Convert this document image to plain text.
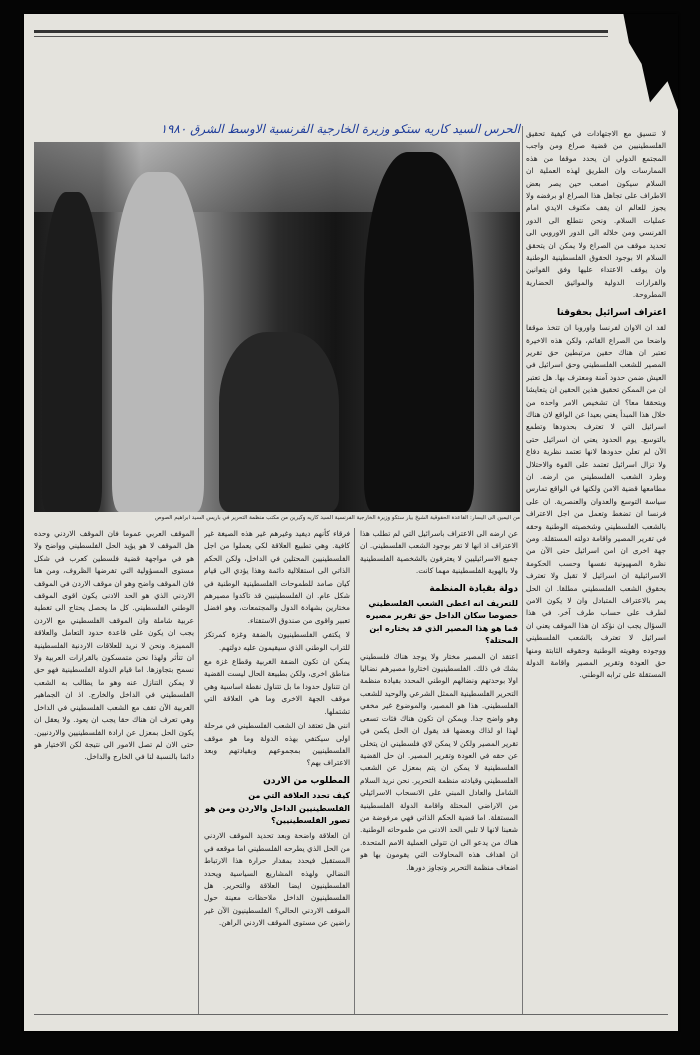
لا تنسيق مع الاجتهادات في كيفية تحقيق الفلسطينيين من قضية صراع ومن واجب المجتمع الدولي ان يحدد موقفا من هذه الممارسات وان الطريق لهذه العملية ان السلام سيكون اصعب حين يصر بعض الاطراف على تجاهل هذا الصراع او برفضه ولا يجوز للعالم ان يقف مكتوف الايدي امام عمليات السلام. ونحن نتطلع الى الدور الفرنسي ومن خلاله الى الدور الاوروبي الى تحديد موقف من الصراع ولا يمكن ان يتحقق السلام الا بوجود الحقوق الفلسطينية الوطنية وان يوقف الاعتداء عليها وفق القوانين والقرارات الدولية والمواثيق الحضارية المطروحة.

اعتراف اسرائيل بحقوقنا

لقد ان الاوان لفرنسا واوروبا ان تتخذ موقفا واضحا من الصراع القائم، ولكن هذه الاخيرة تعتبر ان هناك حقين مرتبطين حق تقرير المصير للشعب الفلسطيني وحق اسرائيل في العيش ضمن حدود آمنة ومعترف بها. هل تعتبر ان من الممكن تحقيق هذين الحقين ان يتعايشا ويتحققا معا؟ ان تشخيص الامر واحده من خلال هذا المبدأ يعني بعيدا عن الواقع لان هناك اسرائيل التي لا تعترف بحدودها وتطمع بالتوسع. يوم الحدود يعني ان اسرائيل حتى الآن لم تعلن حدودها لانها تعتمد نظرية دفاع ولا تزال اسرائيل تعتمد على القوة والاحتلال وطرد الشعب الفلسطيني من ارضه. ان مطامعها قضية الامن ولكنها في الواقع تمارس سياسة التوسع والعدوان والعنصرية. ان على فرنسا ان تضغط وتعمل من اجل الاعتراف بالشعب الفلسطيني وشخصيته الوطنية وحقه في تقرير المصير واقامة دولته المستقلة. ومن جهة اخرى ان امن اسرائيل حتى الآن من نظرة الصهيونية نفسها وحسب الحكومة الاسرائيلية ان اسرائيل لا تقبل ولا تعترف بحقوق الشعب الفلسطيني مطلقا. ان الحل يمر بالاعتراف المتبادل وان لا يكون الامن لطرف على حساب طرف آخر. في هذا السؤال يجب ان نؤكد ان هذا الموقف يعني ان اسرائيل لا تعترف بالشعب الفلسطيني ووجوده وهويته الوطنية وحقوقه الثابتة ومنها حق العودة وتقرير المصير واقامة الدولة المستقلة على ترابه الوطني.

الحرس السيد كاريه ستكو وزيرة الخارجية الفرنسية الاوسط الشرق ١٩٨٠
من اليمين الى اليسار: القاعدة الحقوقية الشيخ بيار ستكو وزيرة الخارجية الفرنسية السيد كاريه وكيرين من مكتب منظمة التحرير في باريس السيد ابراهيم الصوص

عن ارضه الى الاعتراف باسرائيل التي لم تطلب هذا الاعتراف اذ انها لا تقر بوجود الشعب الفلسطيني. ان جميع الاسرائيليين لا يعترفون بالشخصية الفلسطينية ولا بالهوية الفلسطينية مهما كانت.

دولة بقيادة المنظمة
للتعريف انه اعطى الشعب الفلسطيني خصوصا سكان الداخل حق تقرير مصيره فما هو هذا المصير الذي قد يختاره ابن المحتلة؟

اعتقد ان المصير مختار ولا يوجد هناك فلسطيني بشك في ذلك. الفلسطينيون اختاروا مصيرهم نضاليا اولا بوحدتهم ونضالهم الوطني المحدد بقيادة منظمة التحرير الفلسطينية الممثل الشرعي والوحيد للشعب الفلسطيني. هذا هو المصير، والموضوع غير مخفي وهو واضح جدا. ويمكن ان تكون هناك فئات تسعى لهذا او لذاك وبعضها قد يقول ان الحل يكمن في تقرير المصير ولكن لا يمكن لاي فلسطيني ان يتخلى عن حقه في العودة وتقرير المصير. ان حل القضية الفلسطينية لا يمكن ان يتم بمعزل عن الشعب الفلسطيني وقيادته منظمة التحرير. نحن نريد السلام الشامل والعادل المبني على الانسحاب الاسرائيلي من الاراضي المحتلة واقامة الدولة الفلسطينية المستقلة. اما قضية الحكم الذاتي فهي مرفوضة من شعبنا لانها لا تلبي الحد الادنى من طموحاته الوطنية. هناك من يدعو الى ان تتولى العملية الامم المتحدة. ان اهداف هذه المحاولات التي يقومون بها هو اضعاف منظمة التحرير وتجاوز دورها.

فرقاء كأنهم ديفيد وغيرهم غير هذه الصيغة غير كافية. وهي تطبيع العلاقة لكي يعملوا من اجل الفلسطينيين المحتلين في الداخل، ولكن الحكم الذاتي الى استقلالية دائمة وهذا يؤدي الى قيام كيان صامد للطموحات الفلسطينية الوطنية في شكل عام. ان الفلسطينيين قد تاكدوا مصيرهم مختارين بشهادة الدول والمجتمعات، وهو افضل تعبير واقوى من صندوق الاستفتاء.

لا يكتفي الفلسطينيون بالضفة وغزة كمرتكز للتراب الوطني الذي سيقيمون عليه دولتهم.

يمكن ان تكون الضفة الغربية وقطاع غزة مع مناطق اخرى، ولكن بطبيعة الحال ليست القضية ان تتناول حدودا ما بل تتناول نقطة اساسية وهي موقف الجهة الاخرى وما هي العلاقة التي تشتملها.

انني هل تعتقد ان الشعب الفلسطيني في مرحلة اولى سيكتفي بهذه الدولة وما هو موقف الفلسطينيين بمجموعهم وبقيادتهم وبعد الاعتراف بهم؟

المطلوب من الاردن
كيف تحدد العلاقة التي من الفلسطينيين الداخل والاردن ومن هو تصور الفلسطينيين؟

ان العلاقة واضحة وبعد تحديد الموقف الاردني من الحل الذي يطرحه الفلسطيني اما موقعه في المستقبل فيحدد بمقدار حرارة هذا الارتباط النضالي ولهذه المشاريع السياسية ويحدد الفلسطينيون ايضا العلاقة والتحرير. هل الفلسطينيون الداخل ملاحظات معينة حول الموقف الاردني الحالي؟ الفلسطينيون الآن غير راضين عن مستوى الموقف الاردني الراهن.

الموقف العربي عموما فان الموقف الاردني وحده هل الموقف لا هو يؤيد الحل الفلسطيني وواضح ولا هو في مواجهة قضية فلسطين كعرب في شكل مستوى المسؤولية التي تفرضها الظروف، ومن هنا فان الموقف واضح وهو ان موقف الاردن في الموقف الاردني الذي هو الحد الادنى يكون اقوى الموقف الوطني الفلسطيني. كل ما يحصل يحتاج الى تغطية عربية شاملة وان الموقف الفلسطيني مع الاردن يجب ان يكون على قاعدة حدود التعامل والعلاقة المميزة. ونحن لا نريد للعلاقات الاردنية الفلسطينية ان تتأثر ولهذا نحن متمسكون بالقرارات العربية ولا نسمح بتجاوزها. اما قيام الدولة الفلسطينية فهو حق لا يمكن التنازل عنه وهو ما يطالب به الشعب الفلسطيني في الداخل والخارج. اذ ان الجماهير العربية الآن تقف مع الشعب الفلسطيني في الداخل وهي تعرف ان هناك حقا يجب ان يعود. ولا يعقل ان يكون الحل بمعزل عن ارادة الفلسطينيين والاردنيين. حتى الان لم تصل الامور الى نتيجة لكن الاختيار هو دائما بالنسبة لنا في الخارج والداخل.
